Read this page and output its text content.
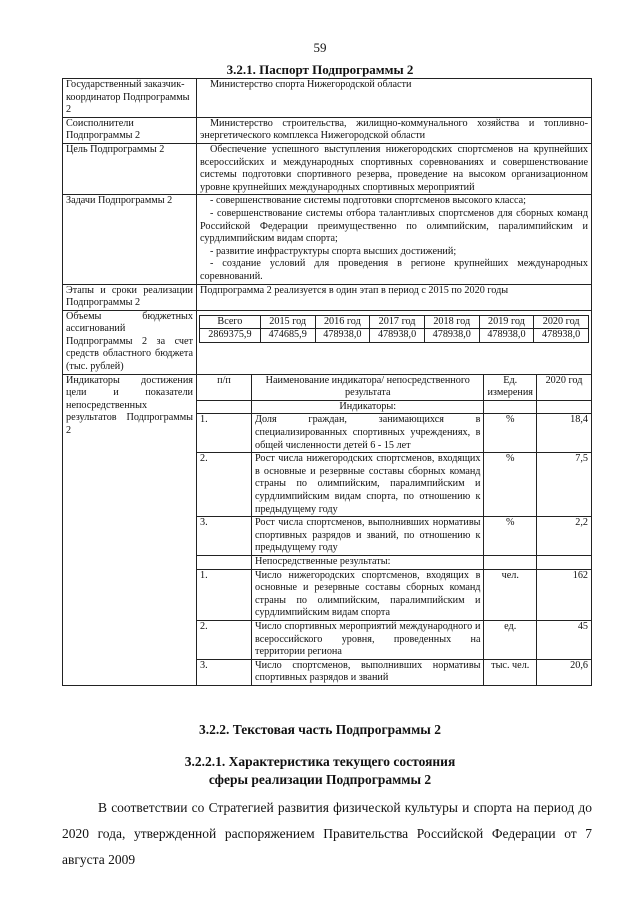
59
3.2.1. Паспорт Подпрограммы 2
Государственный заказчик-координатор Подпрограммы 2	Министерство спорта Нижегородской области
Соисполнители Подпрограммы 2	Министерство строительства, жилищно-коммунального хозяйства и топливно-энергетического комплекса Нижегородской области
Цель Подпрограммы 2	Обеспечение успешного выступления нижегородских спортсменов на крупнейших всероссийских и международных спортивных соревнованиях и совершенствование системы подготовки спортивного резерва, проведение на высоком организационном уровне крупнейших международных спортивных мероприятий
Задачи Подпрограммы 2	- совершенствование системы подготовки спортсменов высокого класса;
- совершенствование системы отбора талантливых спортсменов для сборных команд Российской Федерации преимущественно по олимпийским, паралимпийским и сурдлимпийским видам спорта;
- развитие инфраструктуры спорта высших достижений;
- создание условий для проведения в регионе крупнейших международных соревнований.

Этапы и сроки реализации Подпрограммы 2	Подпрограмма 2 реализуется в один этап в период с 2015 по 2020 годы
Объемы бюджетных ассигнований Подпрограммы 2 за счет средств областного бюджета (тыс. рублей)	
Всего	2015 год	2016 год	2017 год	2018 год	2019 год	2020 год
2869375,9	474685,9	478938,0	478938,0	478938,0	478938,0	478938,0

Индикаторы достижения цели и показатели непосредственных результатов Подпрограммы 2	
п/п	Наименование индикатора/ непосредственного результата	Ед. измерения	2020 год
	Индикаторы:		
1.	Доля граждан, занимающихся в специализированных спортивных учреждениях, в общей численности детей 6 - 15 лет	%	18,4
2.	Рост числа нижегородских спортсменов, входящих в основные и резервные составы сборных команд страны по олимпийским, паралимпийским и сурдлимпийским видам спорта, по отношению к предыдущему году	%	7,5
3.	Рост числа спортсменов, выполнивших нормативы спортивных разрядов и званий, по отношению к предыдущему году	%	2,2
	Непосредственные результаты:		
1.	Число нижегородских спортсменов, входящих в основные и резервные составы сборных команд страны по олимпийским, паралимпийским и сурдлимпийским видам спорта	чел.	162
2.	Число спортивных мероприятий международного и всероссийского уровня, проведенных на территории региона	ед.	45
3.	Число спортсменов, выполнивших нормативы спортивных разрядов и званий	тыс. чел.	20,6
3.2.2. Текстовая часть Подпрограммы 2
3.2.2.1. Характеристика текущего состояния
сферы реализации Подпрограммы 2
В соответствии со Стратегией развития физической культуры и спорта на период до 2020 года, утвержденной распоряжением Правительства Российской Федерации от 7 августа 2009
